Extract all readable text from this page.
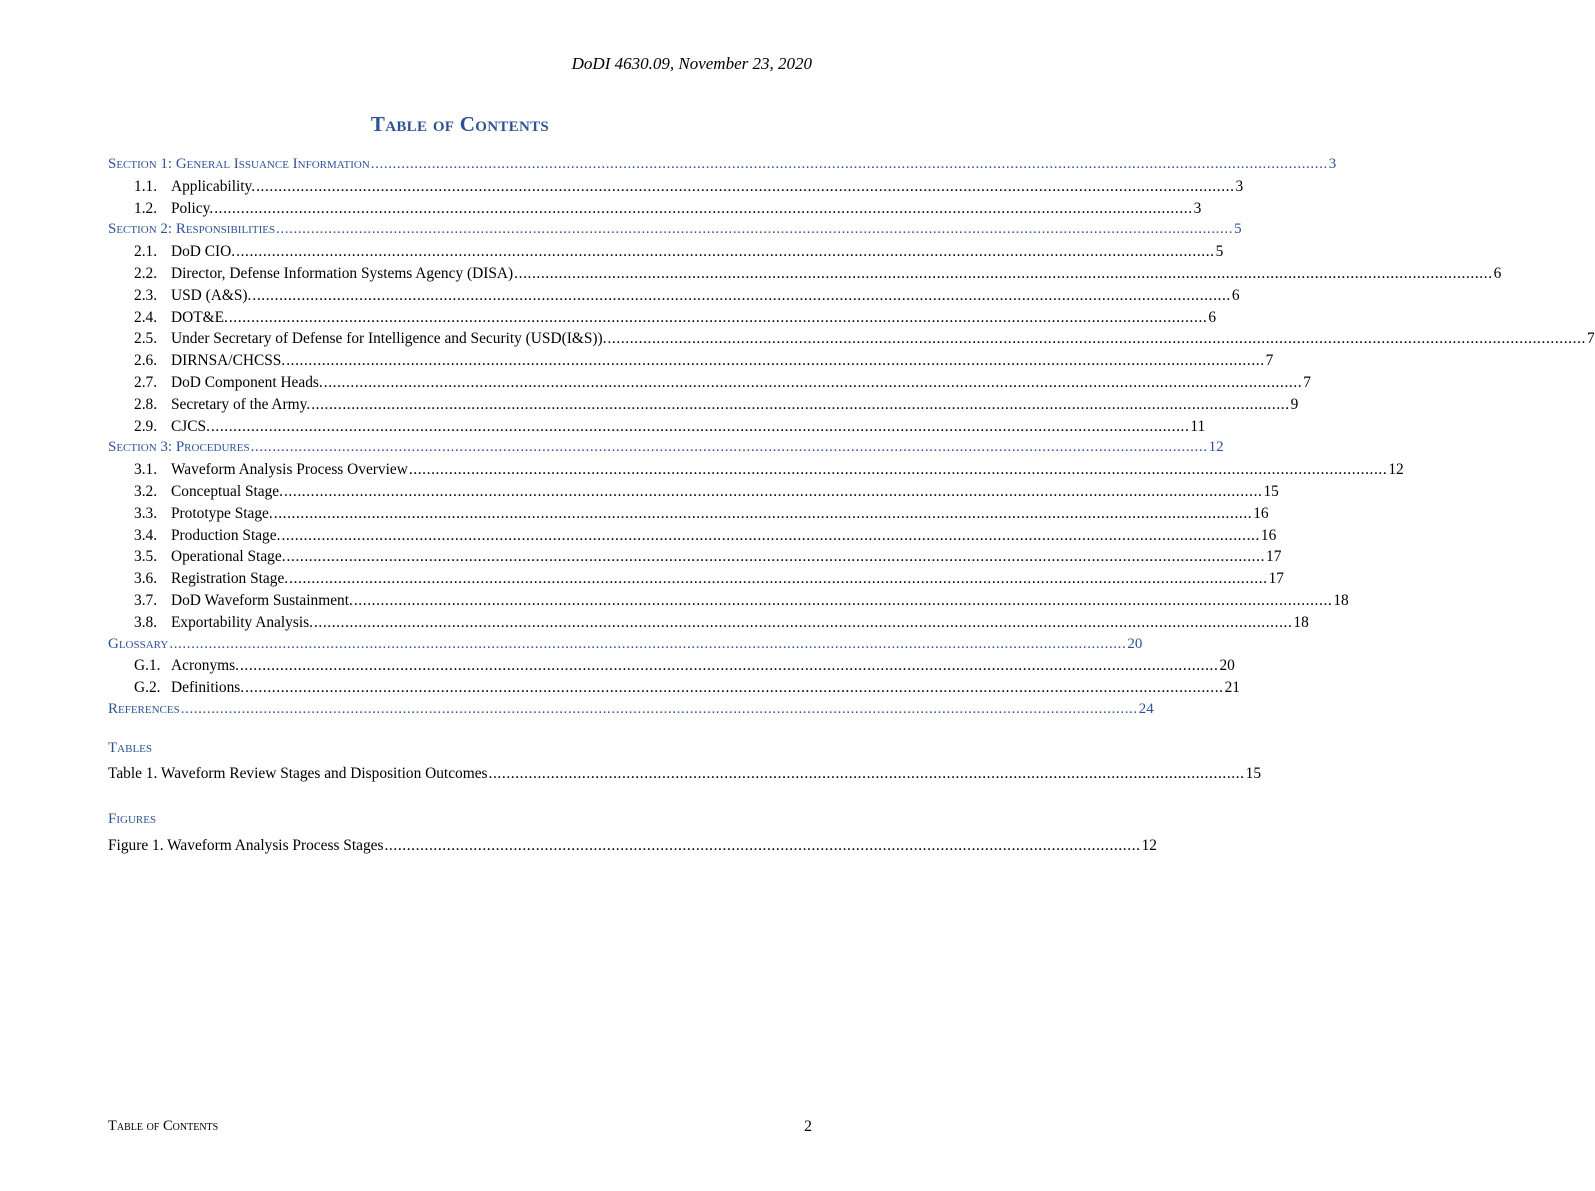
DoDI 4630.09, November 23, 2020
Table of Contents
Section 1: General Issuance Information ............................................................................................................................................................................................................................ 3
1.1. Applicability. ............................................................................................................................................................................................................................ 3
1.2. Policy. ............................................................................................................................................................................................................................ 3
Section 2: Responsibilities ............................................................................................................................................................................................................................ 5
2.1. DoD CIO. ............................................................................................................................................................................................................................ 5
2.2. Director, Defense Information Systems Agency (DISA) ............................................................................................................................................................................................................................ 6
2.3. USD (A&S). ............................................................................................................................................................................................................................ 6
2.4. DOT&E. ............................................................................................................................................................................................................................ 6
2.5. Under Secretary of Defense for Intelligence and Security (USD(I&S)). ............................................................................................................................................................................................................................ 7
2.6. DIRNSA/CHCSS. ............................................................................................................................................................................................................................ 7
2.7. DoD Component Heads. ............................................................................................................................................................................................................................ 7
2.8. Secretary of the Army. ............................................................................................................................................................................................................................ 9
2.9. CJCS. ............................................................................................................................................................................................................................ 11
Section 3: Procedures ............................................................................................................................................................................................................................ 12
3.1. Waveform Analysis Process Overview ............................................................................................................................................................................................................................ 12
3.2. Conceptual Stage. ............................................................................................................................................................................................................................ 15
3.3. Prototype Stage. ............................................................................................................................................................................................................................ 16
3.4. Production Stage. ............................................................................................................................................................................................................................ 16
3.5. Operational Stage. ............................................................................................................................................................................................................................ 17
3.6. Registration Stage. ............................................................................................................................................................................................................................ 17
3.7. DoD Waveform Sustainment. ............................................................................................................................................................................................................................ 18
3.8. Exportability Analysis. ............................................................................................................................................................................................................................ 18
Glossary ............................................................................................................................................................................................................................ 20
G.1. Acronyms. ............................................................................................................................................................................................................................ 20
G.2. Definitions. ............................................................................................................................................................................................................................ 21
References ............................................................................................................................................................................................................................ 24
Tables
Table 1. Waveform Review Stages and Disposition Outcomes .......................................................................................................................................................................... 15
Figures
Figure 1. Waveform Analysis Process Stages .......................................................................................................................................................................... 12
Table of Contents	2
